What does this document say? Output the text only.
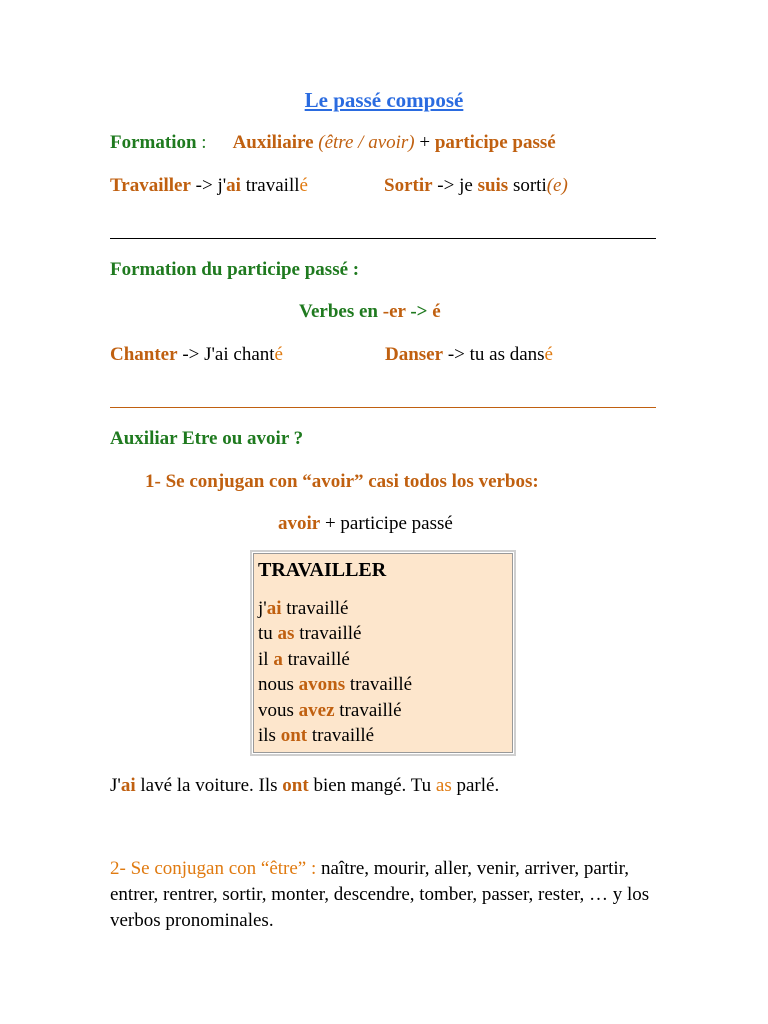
Le passé composé
Formation : Auxiliaire (être / avoir) + participe passé
Travailler -> j'ai travaillé	Sortir -> je suis sorti(e)
Formation du participe passé :
Verbes en -er -> é
Chanter -> J'ai chanté	Danser -> tu as dansé
Auxiliar Etre ou avoir ?
1- Se conjugan con “avoir” casi todos los verbos:
avoir + participe passé
TRAVAILLER
j'ai travaillé
tu as travaillé
il a travaillé
nous avons travaillé
vous avez travaillé
ils ont travaillé
J'ai lavé la voiture. Ils ont bien mangé. Tu as parlé.
2- Se conjugan con “être” : naître, mourir, aller, venir, arriver, partir, entrer, rentrer, sortir, monter, descendre, tomber, passer, rester, … y los verbos pronominales.
